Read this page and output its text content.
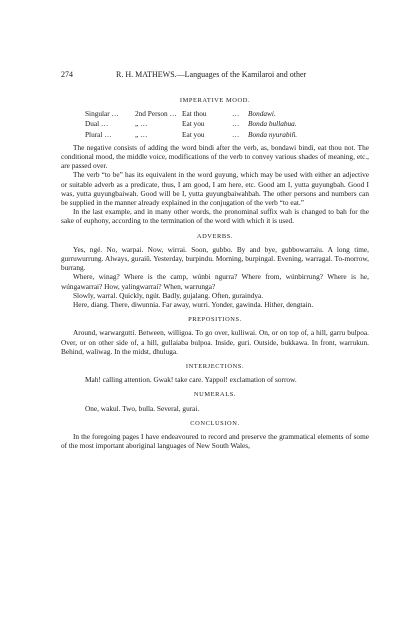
274	R. H. MATHEWS.—Languages of the Kamilaroi and other
IMPERATIVE MOOD.
Singular …	2nd Person …	Eat thou	…	Bondawi.
Dual …	„ …	Eat you	…	Bonda bullabua.
Plural …	„ …	Eat you	…	Bonda nyurabiñ.

The negative consists of adding the word bindi after the verb, as, bondawi bindi, eat thou not. The conditional mood, the middle voice, modifications of the verb to convey various shades of meaning, etc., are passed over.

The verb “to be” has its equivalent in the word guyung, which may be used with either an adjective or suitable adverb as a predicate, thus, I am good, I am here, etc. Good am I, yutta guyungbah. Good I was, yutta guyungbaiwah. Good will be I, yutta guyungbaiwahbah. The other persons and numbers can be supplied in the manner already explained in the conjugation of the verb “to eat.”

In the last example, and in many other words, the pronominal suffix wah is changed to bah for the sake of euphony, according to the termination of the word with which it is used.

ADVERBS.

Yes, ngé. No, warpai. Now, wirrai. Soon, gubbo. By and bye, gubbowarraiu. A long time, gurruwurrung. Always, guraiū. Yesterday, burpindu. Morning, burpingal. Evening, warragal. To-morrow, burrang.

Where, winag? Where is the camp, wúnbi ngurra? Where from, wúnbirrung? Where is he, wúngawarrai? How, yalingwarrai? When, warrunga?

Slowly, warral. Quickly, ngút. Badly, gujalang. Often, guraindya.

Here, diang. There, diwunnia. Far away, wurri. Yonder, gawinda. Hither, dengtain.

PREPOSITIONS.

Around, warwarguttí. Between, willigoa. To go over, kulliwai. On, or on top of, a hill, garru bulpoa. Over, or on other side of, a hill, gullaiaba bulpoa. Inside, guri. Outside, bukkawa. In front, warrukun. Behind, waliwag. In the midst, dhuluga.

INTERJECTIONS.

Mah! calling attention. Gwak! take care. Yappol! exclamation of sorrow.

NUMERALS.

One, wakul. Two, bulla. Several, gurai.

CONCLUSION.

In the foregoing pages I have endeavoured to record and preserve the grammatical elements of some of the most important aboriginal languages of New South Wales,
